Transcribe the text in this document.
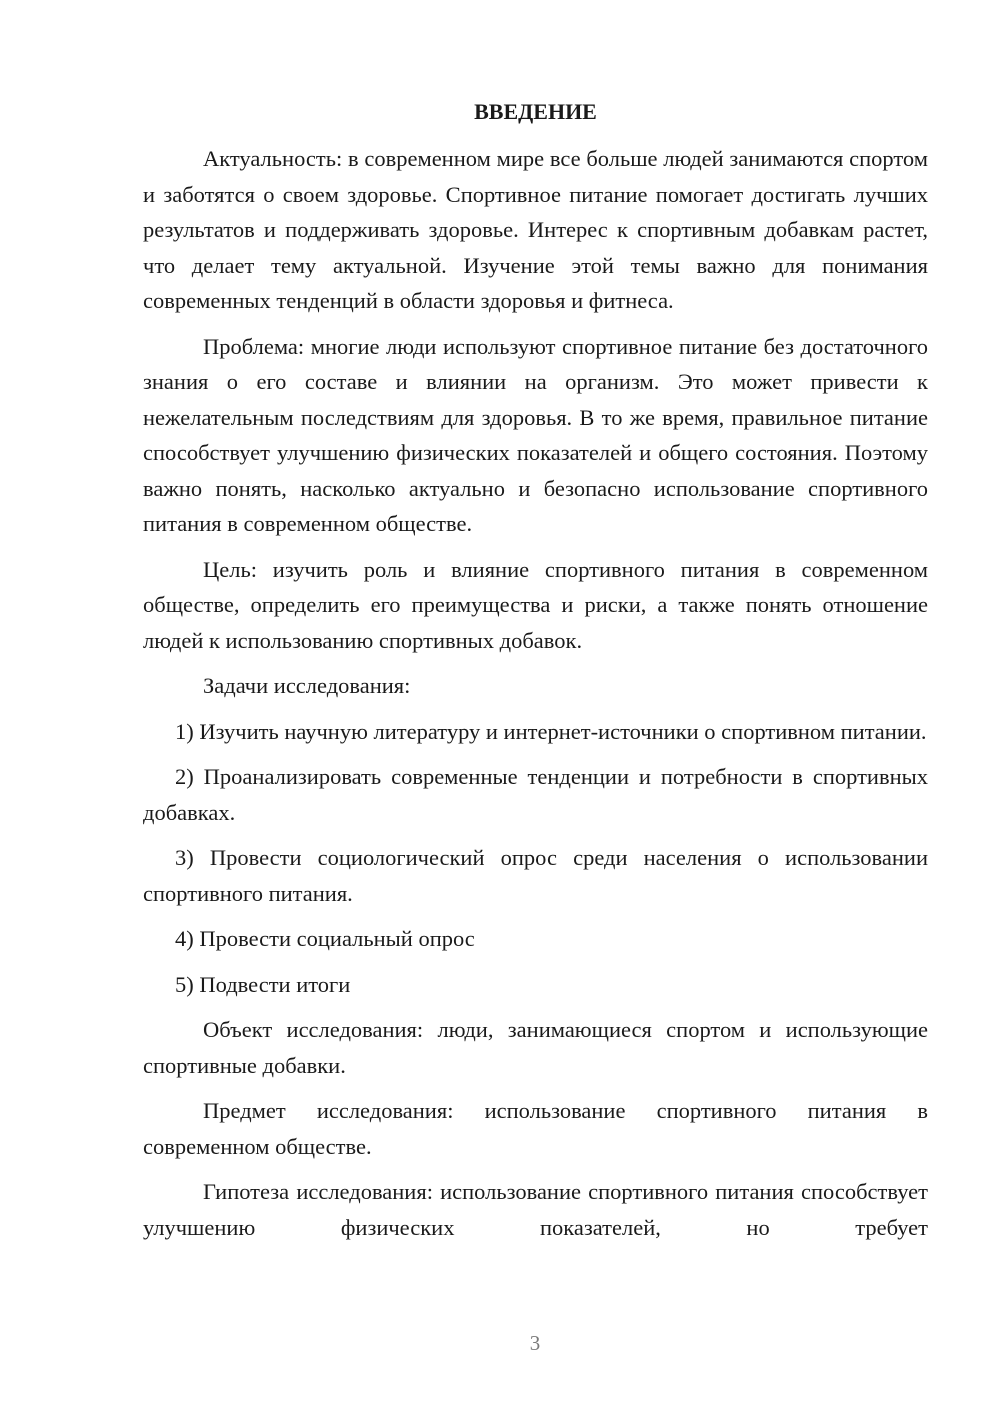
ВВЕДЕНИЕ

Актуальность: в современном мире все больше людей занимаются спортом и заботятся о своем здоровье. Спортивное питание помогает достигать лучших результатов и поддерживать здоровье. Интерес к спортивным добавкам растет, что делает тему актуальной. Изучение этой темы важно для понимания современных тенденций в области здоровья и фитнеса.

Проблема: многие люди используют спортивное питание без достаточного знания о его составе и влиянии на организм. Это может привести к нежелательным последствиям для здоровья. В то же время, правильное питание способствует улучшению физических показателей и общего состояния. Поэтому важно понять, насколько актуально и безопасно использование спортивного питания в современном обществе.

Цель: изучить роль и влияние спортивного питания в современном обществе, определить его преимущества и риски, а также понять отношение людей к использованию спортивных добавок.

Задачи исследования:

1) Изучить научную литературу и интернет-источники о спортивном питании.

2) Проанализировать современные тенденции и потребности в спортивных добавках.

3) Провести социологический опрос среди населения о использовании спортивного питания.

4) Провести социальный опрос

5) Подвести итоги

Объект исследования: люди, занимающиеся спортом и использующие спортивные добавки.

Предмет исследования: использование спортивного питания в современном обществе.

Гипотеза исследования: использование спортивного питания способствует улучшению физических показателей, но требует

3
